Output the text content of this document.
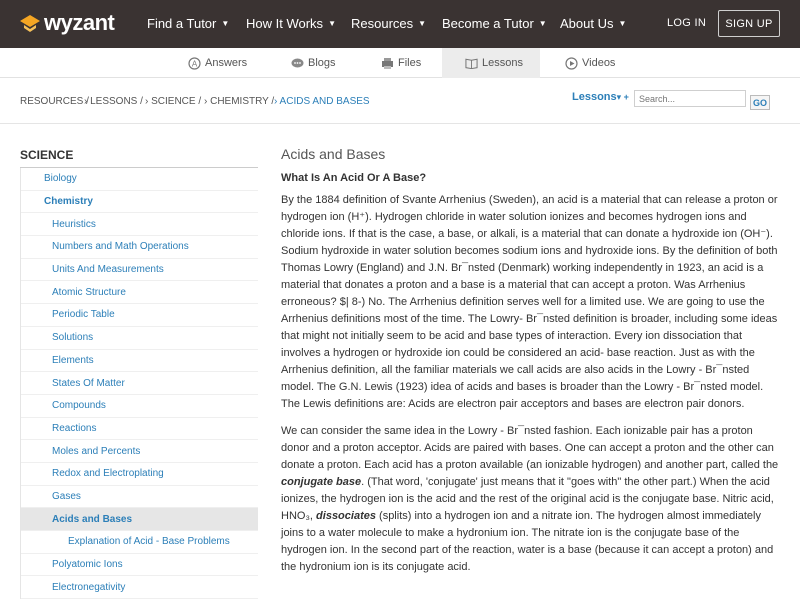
wyzant	Find a Tutor ▼ How It Works ▼ Resources ▼ Become a Tutor ▼ About Us ▼	LOG IN	SIGN UP
A Answers	Blogs	Files	Lessons	Videos
RESOURCES /
› LESSONS / › SCIENCE / › CHEMISTRY / › ACIDS AND BASES	Lessons▾ +
Search...
GO
SCIENCE
Biology
Chemistry
Heuristics
Numbers and Math Operations
Units And Measurements
Atomic Structure
Periodic Table
Solutions
Elements
States Of Matter
Compounds
Reactions
Moles and Percents
Redox and Electroplating
Gases
Acids and Bases
Explanation of Acid - Base Problems
Polyatomic Ions
Electronegativity
Acids and Bases
What Is An Acid Or A Base?

By the 1884 definition of Svante Arrhenius (Sweden), an acid is a material that can release a proton or hydrogen ion (H⁺). Hydrogen chloride in water solution ionizes and becomes hydrogen ions and chloride ions. If that is the case, a base, or alkali, is a material that can donate a hydroxide ion (OH⁻). Sodium hydroxide in water solution becomes sodium ions and hydroxide ions. By the definition of both Thomas Lowry (England) and J.N. Br¯nsted (Denmark) working independently in 1923, an acid is a material that donates a proton and a base is a material that can accept a proton. Was Arrhenius erroneous? $| 8-) No. The Arrhenius definition serves well for a limited use. We are going to use the Arrhenius definitions most of the time. The Lowry- Br¯nsted definition is broader, including some ideas that might not initially seem to be acid and base types of interaction. Every ion dissociation that involves a hydrogen or hydroxide ion could be considered an acid- base reaction. Just as with the Arrhenius definition, all the familiar materials we call acids are also acids in the Lowry - Br¯nsted model. The G.N. Lewis (1923) idea of acids and bases is broader than the Lowry - Br¯nsted model. The Lewis definitions are: Acids are electron pair acceptors and bases are electron pair donors.

We can consider the same idea in the Lowry - Br¯nsted fashion. Each ionizable pair has a proton donor and a proton acceptor. Acids are paired with bases. One can accept a proton and the other can donate a proton. Each acid has a proton available (an ionizable hydrogen) and another part, called the conjugate base. (That word, 'conjugate' just means that it "goes with" the other part.) When the acid ionizes, the hydrogen ion is the acid and the rest of the original acid is the conjugate base. Nitric acid, HNO₃, dissociates (splits) into a hydrogen ion and a nitrate ion. The hydrogen almost immediately joins to a water molecule to make a hydronium ion. The nitrate ion is the conjugate base of the hydrogen ion. In the second part of the reaction, water is a base (because it can accept a proton) and the hydronium ion is its conjugate acid.
